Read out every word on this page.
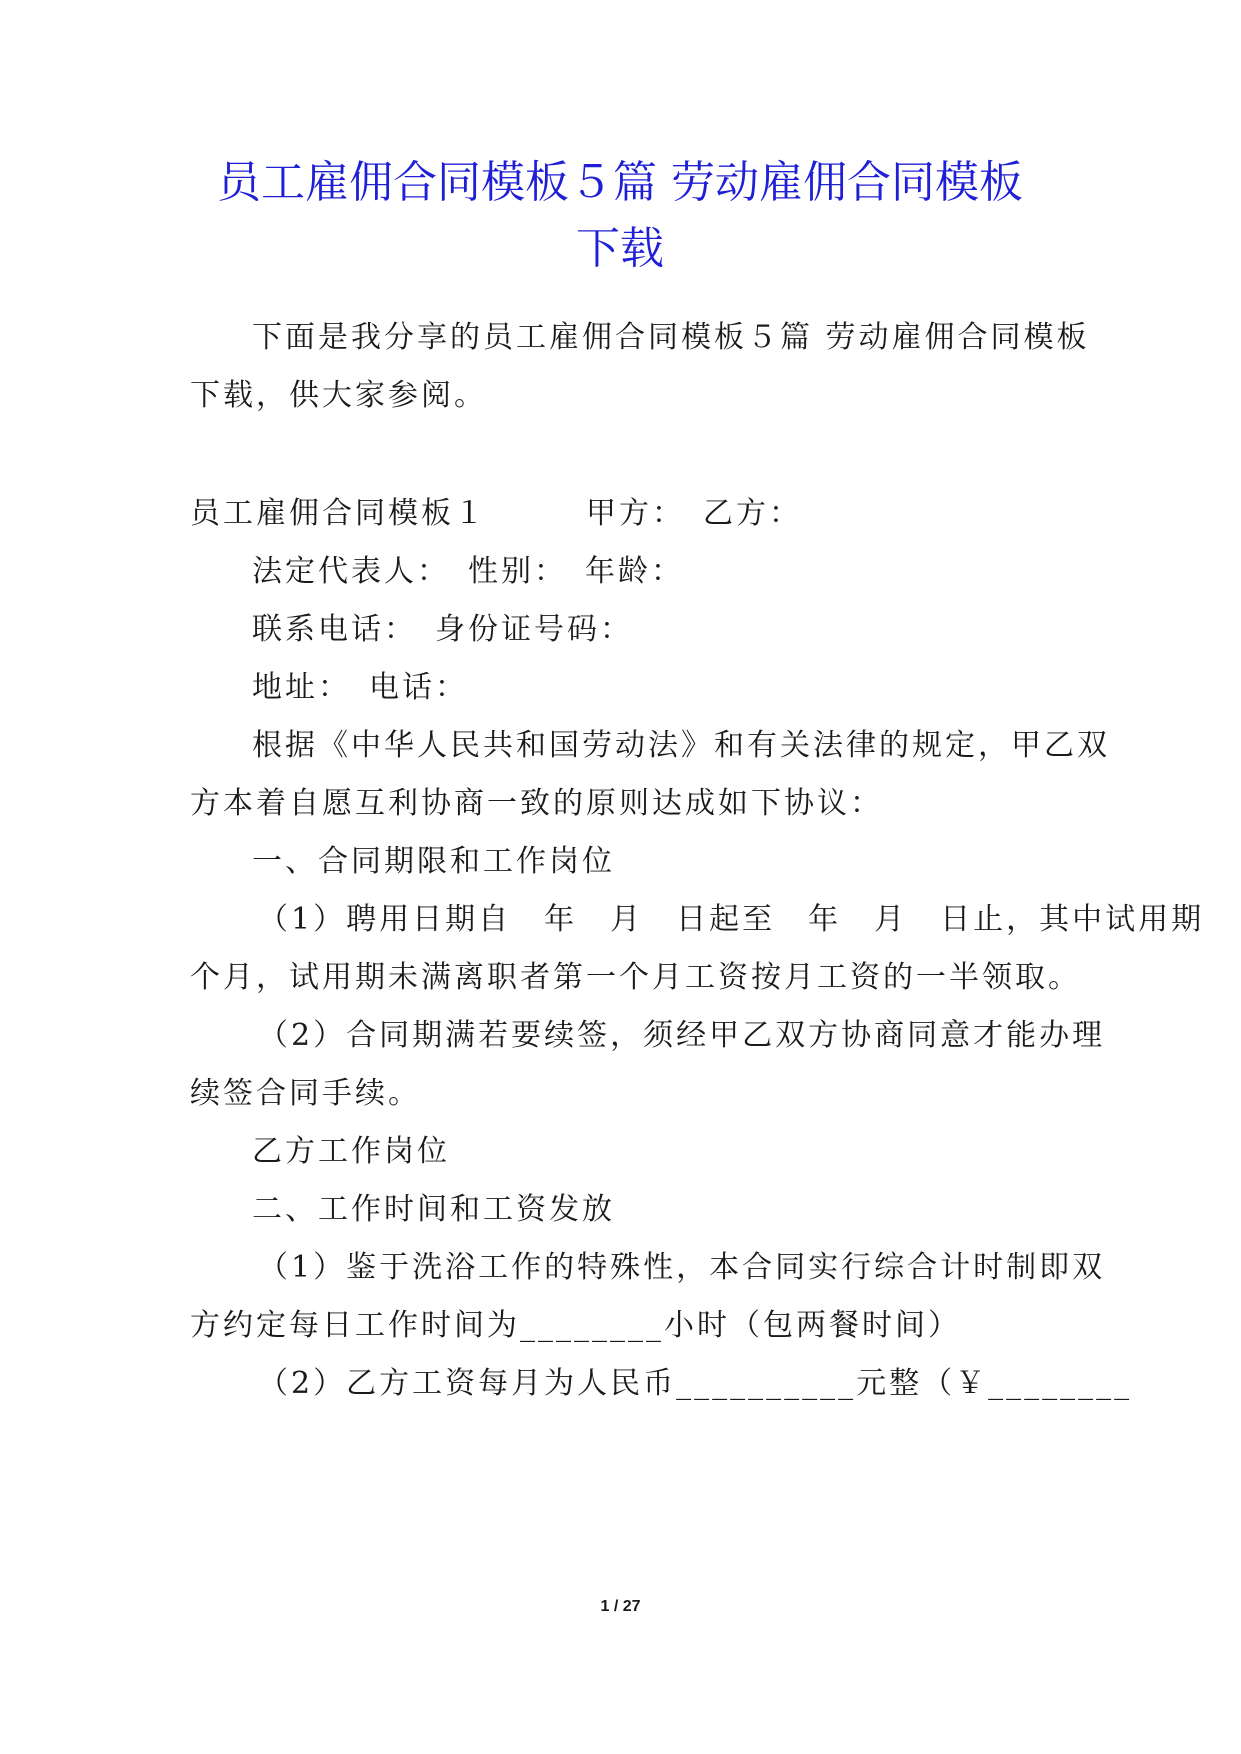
员工雇佣合同模板５篇 劳动雇佣合同模板
下载

下面是我分享的员工雇佣合同模板５篇 劳动雇佣合同模板

下载，供大家参阅。

员工雇佣合同模板１　　　甲方：　乙方：

法定代表人：　性别：　年龄：

联系电话：　身份证号码：

地址：　电话：

根据《中华人民共和国劳动法》和有关法律的规定，甲乙双

方本着自愿互利协商一致的原则达成如下协议：

一、合同期限和工作岗位

（1）聘用日期自　年　月　日起至　年　月　日止，其中试用期

个月，试用期未满离职者第一个月工资按月工资的一半领取。

（2）合同期满若要续签，须经甲乙双方协商同意才能办理

续签合同手续。

乙方工作岗位

二、工作时间和工资发放

（1）鉴于洗浴工作的特殊性，本合同实行综合计时制即双

方约定每日工作时间为________小时（包两餐时间）

（2）乙方工资每月为人民币__________元整（￥________

1 / 27
